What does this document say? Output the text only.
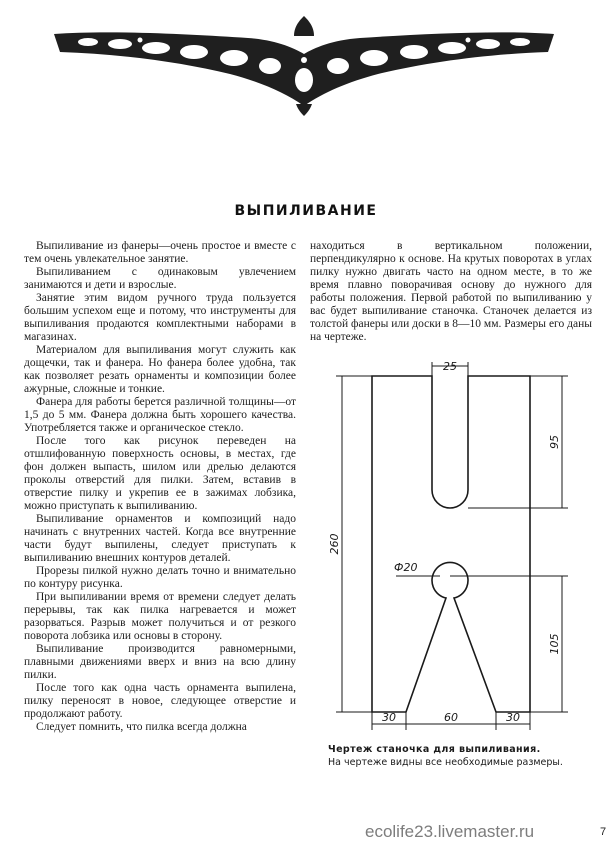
ВЫПИЛИВАНИЕ

Выпиливание из фанеры—очень простое и вместе с тем очень увлекательное занятие.

Выпиливанием с одинаковым увлечением занимаются и дети и взрослые.

Занятие этим видом ручного труда пользуется большим успехом еще и потому, что инструменты для выпиливания продаются комплектными наборами в магазинах.

Материалом для выпиливания могут служить как дощечки, так и фанера. Но фанера более удобна, так как позволяет резать орнаменты и композиции более ажурные, сложные и тонкие.

Фанера для работы берется различной толщины—от 1,5 до 5 мм. Фанера должна быть хорошего качества. Употребляется также и органическое стекло.

После того как рисунок переведен на отшлифованную поверхность основы, в местах, где фон должен выпасть, шилом или дрелью делаются проколы отверстий для пилки. Затем, вставив в отверстие пилку и укрепив ее в зажимах лобзика, можно приступать к выпиливанию.

Выпиливание орнаментов и композиций надо начинать с внутренних частей. Когда все внутренние части будут выпилены, следует приступать к выпиливанию внешних контуров деталей.

Прорезы пилкой нужно делать точно и внимательно по контуру рисунка.

При выпиливании время от времени следует делать перерывы, так как пилка нагревается и может разорваться. Разрыв может получиться и от резкого поворота лобзика или основы в сторону.

Выпиливание производится равномерными, плавными движениями вверх и вниз на всю длину пилки.

После того как одна часть орнамента выпилена, пилку переносят в новое, следующее отверстие и продолжают работу.

Следует помнить, что пилка всегда должна

находиться в вертикальном положении, перпендикулярно к основе. На крутых поворотах в углах пилку нужно двигать часто на одном месте, в то же время плавно поворачивая основу до нужного для работы положения. Первой работой по выпиливанию у вас будет выпиливание станочка. Станочек делается из толстой фанеры или доски в 8—10 мм. Размеры его даны на чертеже.

25
95
260
Ф20
105
30	60	30
Чертеж станочка для выпиливания.
На чертеже видны все необходимые размеры.
ecolife23.livemaster.ru	7
